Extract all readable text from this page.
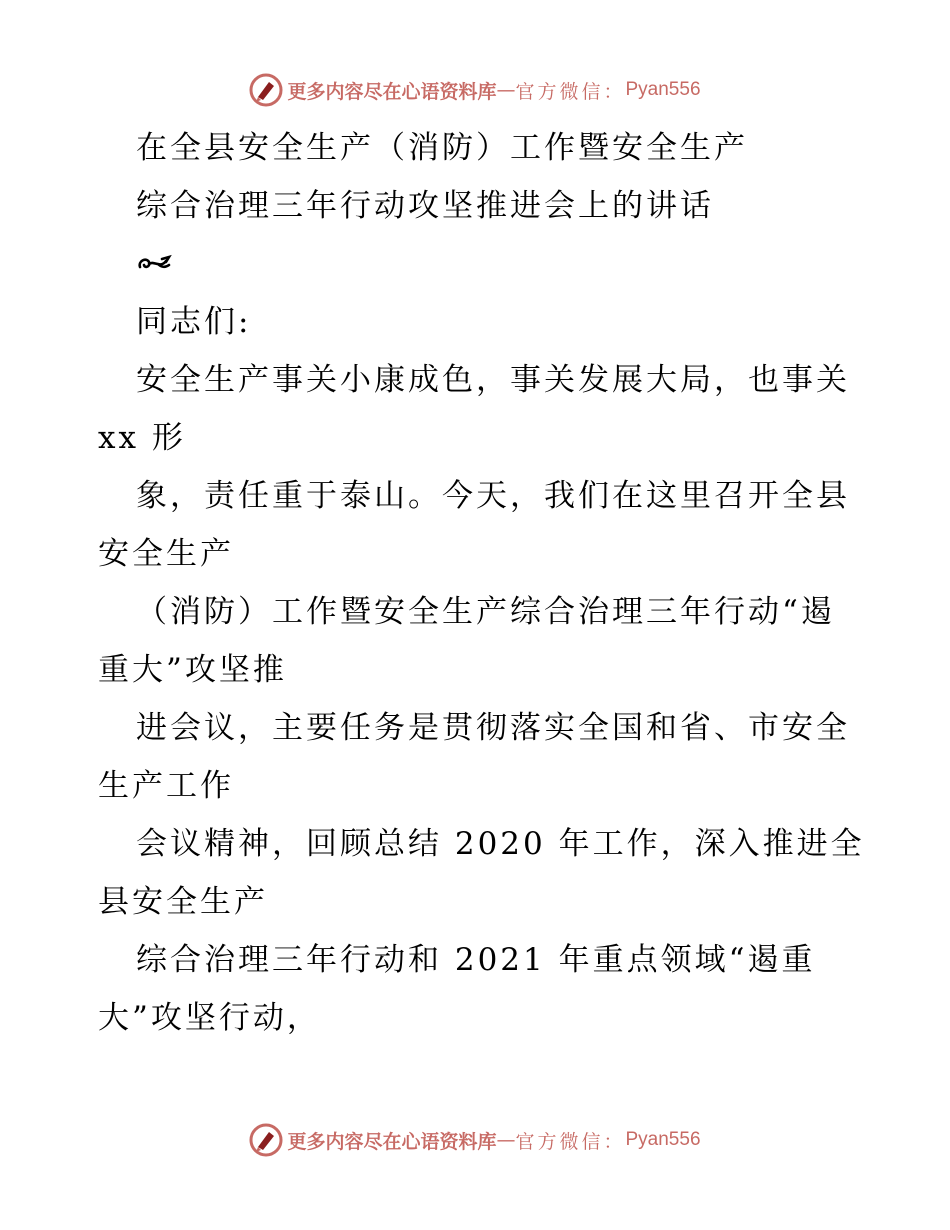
更多内容尽在心语资料库 — 官方微信： Pyan556
在全县安全生产（消防）工作暨安全生产
综合治理三年行动攻坚推进会上的讲话
同志们:
安全生产事关小康成色，事关发展大局，也事关
xx 形
象，责任重于泰山。今天，我们在这里召开全县
安全生产
（消防）工作暨安全生产综合治理三年行动“遏
重大”攻坚推
进会议，主要任务是贯彻落实全国和省、市安全
生产工作
会议精神，回顾总结 2020 年工作，深入推进全
县安全生产
综合治理三年行动和 2021 年重点领域“遏重
大”攻坚行动，
更多内容尽在心语资料库 — 官方微信： Pyan556
